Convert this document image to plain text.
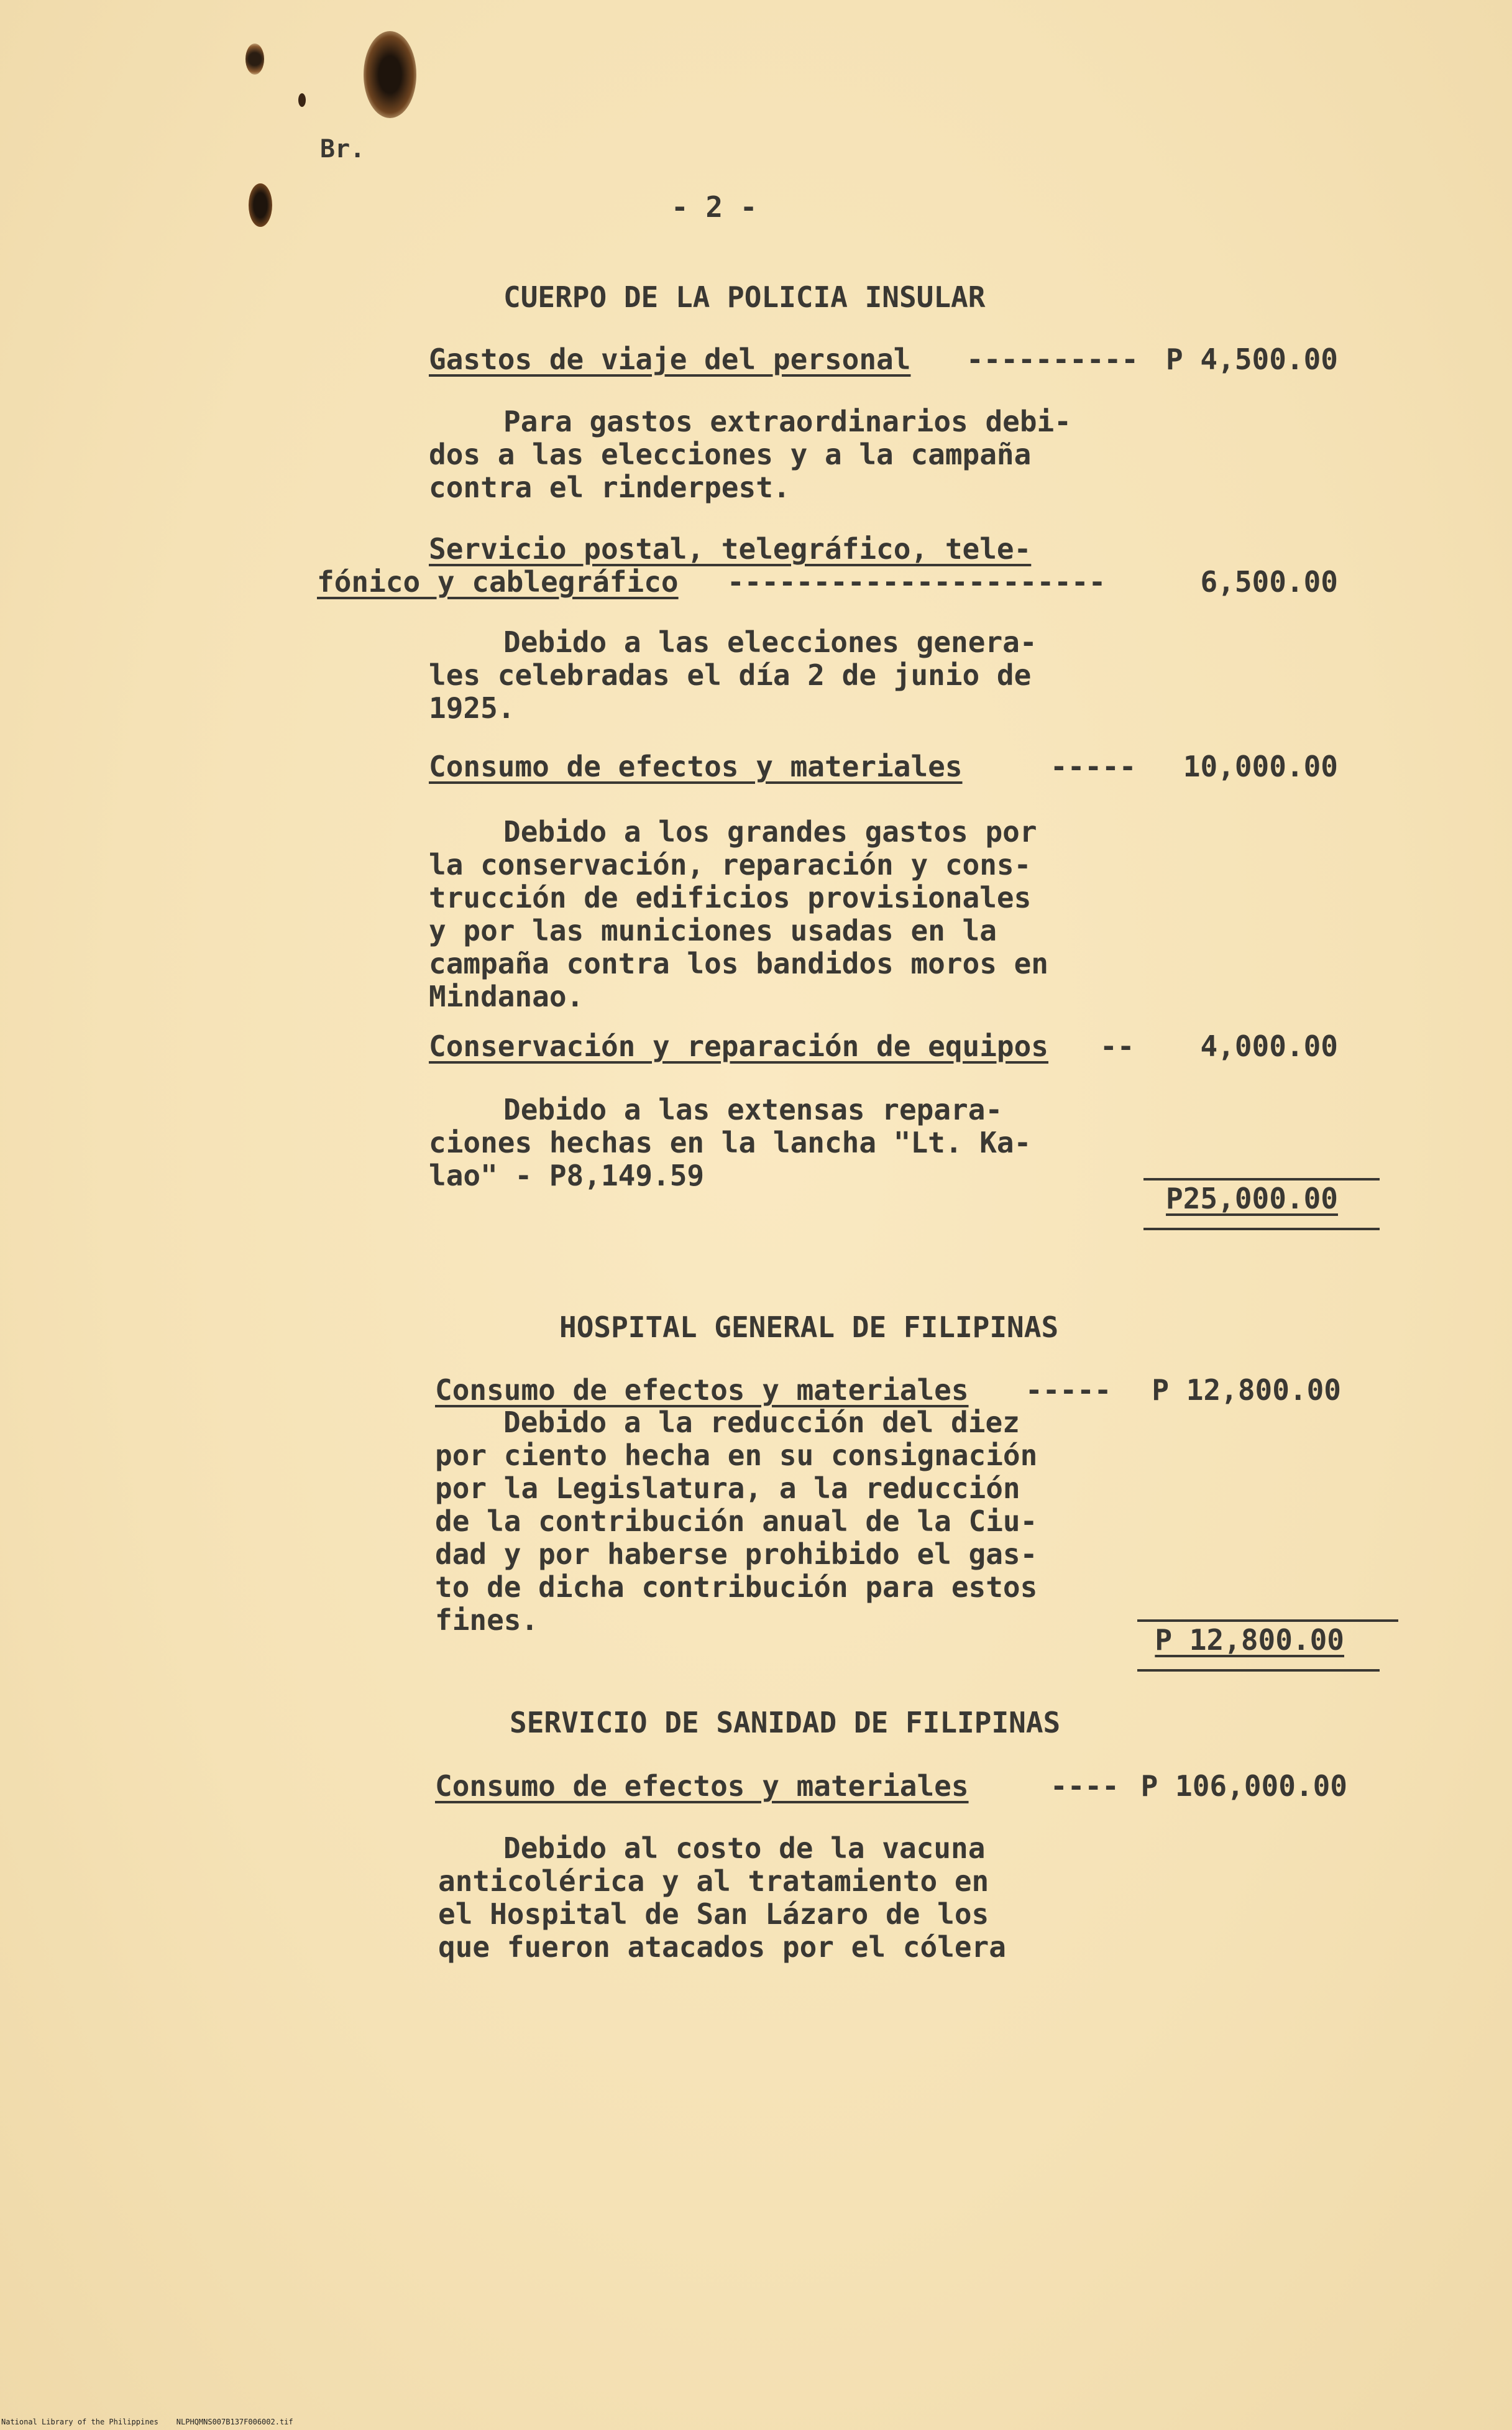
Br.
- 2 -
CUERPO DE LA POLICIA INSULAR
Gastos de viaje del personal ---------- P 4,500.00
Para gastos extraordinarios debi-
dos a las elecciones y a la campaña
contra el rinderpest.
Servicio postal, telegráfico, tele-
fónico y cablegráfico ----------------------	6,500.00
Debido a las elecciones genera-
les celebradas el día 2 de junio de
1925.
Consumo de efectos y materiales	----- 10,000.00
Debido a los grandes gastos por
la conservación, reparación y cons-
trucción de edificios provisionales
y por las municiones usadas en la
campaña contra los bandidos moros en
Mindanao.
Conservación y reparación de equipos -- 4,000.00
Debido a las extensas repara-
ciones hechas en la lancha "Lt. Ka-
lao" - P8,149.59
P25,000.00
HOSPITAL GENERAL DE FILIPINAS
Consumo de efectos y materiales ----- P 12,800.00
Debido a la reducción del diez
por ciento hecha en su consignación
por la Legislatura, a la reducción
de la contribución anual de la Ciu-
dad y por haberse prohibido el gas-
to de dicha contribución para estos
fines.
P 12,800.00
SERVICIO DE SANIDAD DE FILIPINAS
Consumo de efectos y materiales	---- P 106,000.00
Debido al costo de la vacuna
anticolérica y al tratamiento en
el Hospital de San Lázaro de los
que fueron atacados por el cólera
National Library of the Philippines NLPHQMNS007B137F006002.tif
